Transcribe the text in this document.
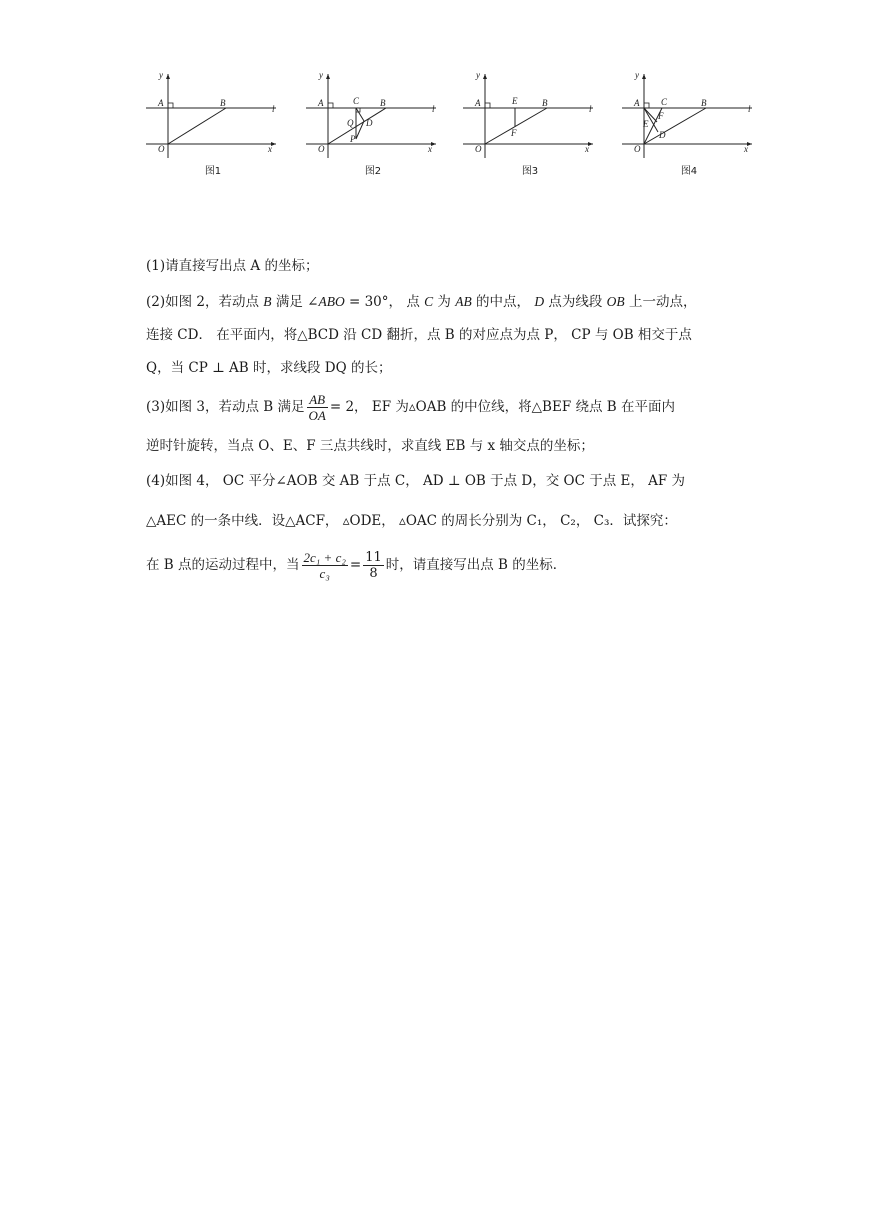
y
A	B
l
O	x
图1
y
A	C B
l
Q D
P
O	x
图2
y
A	E	B
l
F
O	x
图3
y
A C	B
l
E
F
D
O	x
图4
(1)请直接写出点 A 的坐标；
(2)如图 2，若动点 B 满足 ∠ABO = 30°， 点 C 为 AB 的中点， D 点为线段 OB 上一动点，
连接 CD． 在平面内，将△BCD 沿 CD 翻折，点 B 的对应点为点 P， CP 与 OB 相交于点
Q，当 CP ⊥ AB 时，求线段 DQ 的长；
(3)如图 3，若动点 B 满足 $\frac{AB}{OA} = 2$， EF 为▵OAB 的中位线，将△BEF 绕点 B 在平面内
逆时针旋转，当点 O、E、F 三点共线时，求直线 EB 与 x 轴交点的坐标；
(4)如图 4， OC 平分∠AOB 交 AB 于点 C， AD ⊥ OB 于点 D，交 OC 于点 E， AF 为
△AEC 的一条中线．设△ACF， ▵ODE， ▵OAC 的周长分别为 C₁， C₂， C₃．试探究：
在 B 点的运动过程中，当 $\frac{\text{2c₁ + c₂}}{\text{c₃}} = \frac{11}{8}$ 时，请直接写出点 B 的坐标．
